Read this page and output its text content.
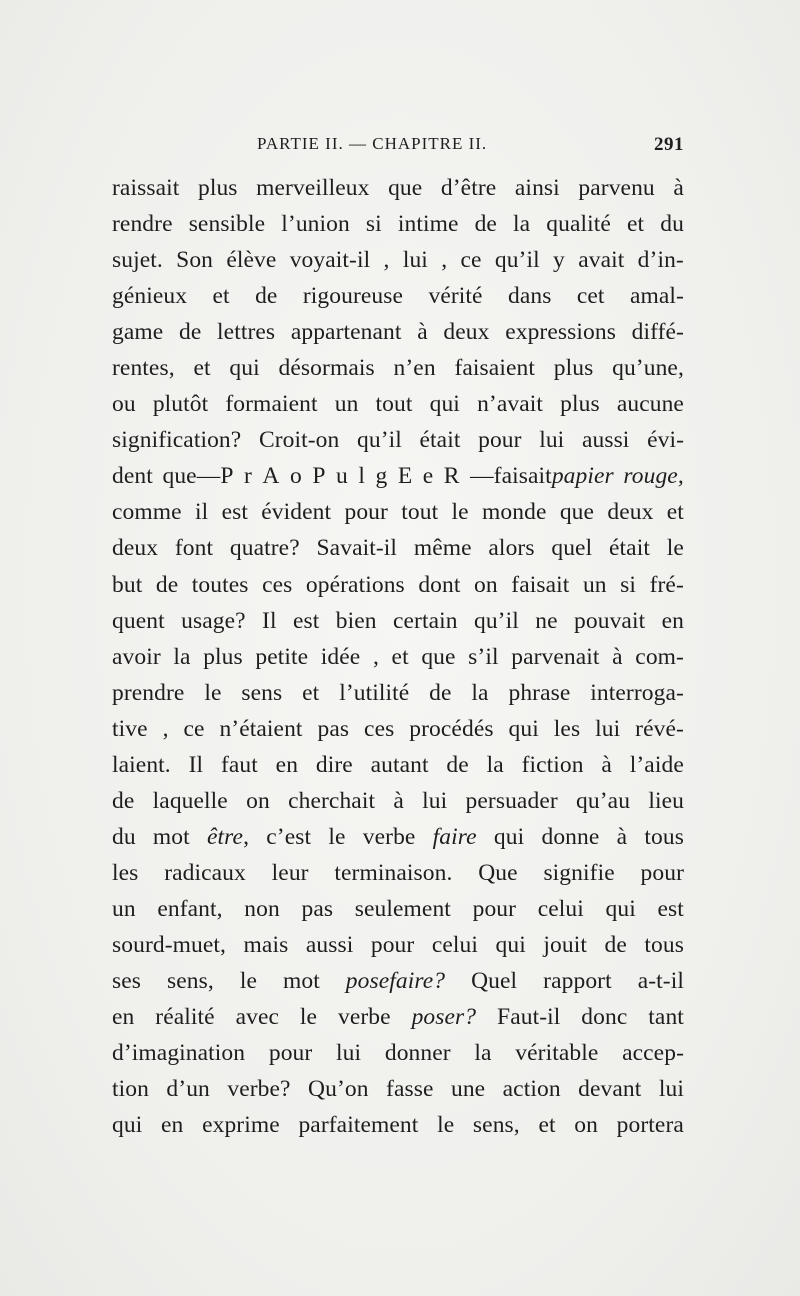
PARTIE II. — CHAPITRE II.	291
raissait plus merveilleux que d’être ainsi parvenu à
rendre sensible l’union si intime de la qualité et du
sujet. Son élève voyait-il , lui , ce qu’il y avait d’in-
génieux et de rigoureuse vérité dans cet amal-
game de lettres appartenant à deux expressions diffé-
rentes, et qui désormais n’en faisaient plus qu’une,
ou plutôt formaient un tout qui n’avait plus aucune
signification? Croit-on qu’il était pour lui aussi évi-
dent que—P r A o P u l g E e R —faisaitpapier rouge,
comme il est évident pour tout le monde que deux et
deux font quatre? Savait-il même alors quel était le
but de toutes ces opérations dont on faisait un si fré-
quent usage? Il est bien certain qu’il ne pouvait en
avoir la plus petite idée , et que s’il parvenait à com-
prendre le sens et l’utilité de la phrase interroga-
tive , ce n’étaient pas ces procédés qui les lui révé-
laient. Il faut en dire autant de la fiction à l’aide
de laquelle on cherchait à lui persuader qu’au lieu
du mot être, c’est le verbe faire qui donne à tous
les radicaux leur terminaison. Que signifie pour
un enfant, non pas seulement pour celui qui est
sourd-muet, mais aussi pour celui qui jouit de tous
ses sens, le mot posefaire? Quel rapport a-t-il
en réalité avec le verbe poser? Faut-il donc tant
d’imagination pour lui donner la véritable accep-
tion d’un verbe? Qu’on fasse une action devant lui
qui en exprime parfaitement le sens, et on portera
